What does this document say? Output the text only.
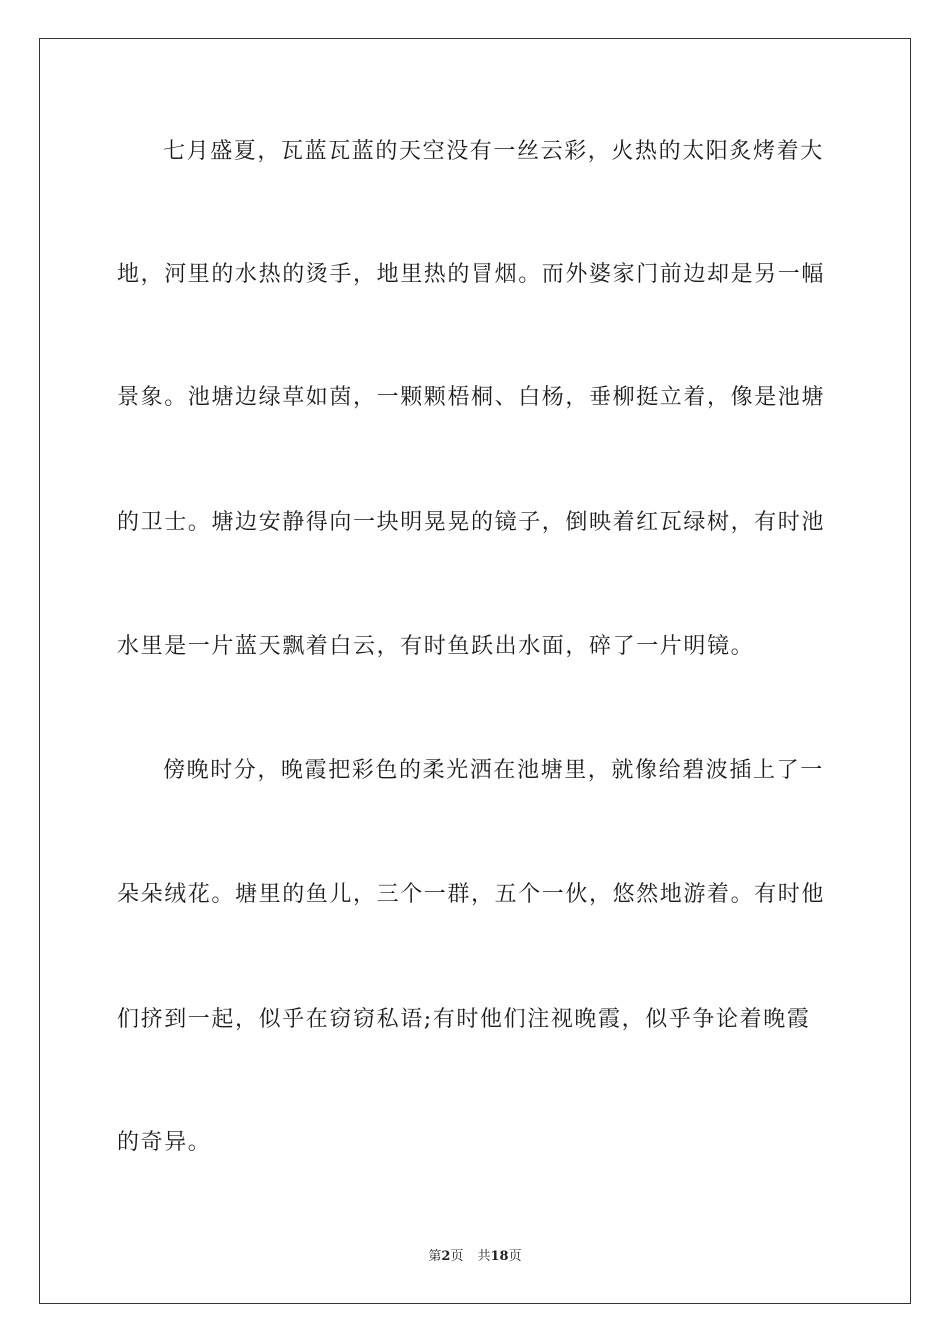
七月盛夏，瓦蓝瓦蓝的天空没有一丝云彩，火热的太阳炙烤着大
地，河里的水热的烫手，地里热的冒烟。而外婆家门前边却是另一幅
景象。池塘边绿草如茵，一颗颗梧桐、白杨，垂柳挺立着，像是池塘
的卫士。塘边安静得向一块明晃晃的镜子，倒映着红瓦绿树，有时池
水里是一片蓝天飘着白云，有时鱼跃出水面，碎了一片明镜。
傍晚时分，晚霞把彩色的柔光洒在池塘里，就像给碧波插上了一
朵朵绒花。塘里的鱼儿，三个一群，五个一伙，悠然地游着。有时他
们挤到一起，似乎在窃窃私语;有时他们注视晚霞，似乎争论着晚霞
的奇异。
第2页 共18页
